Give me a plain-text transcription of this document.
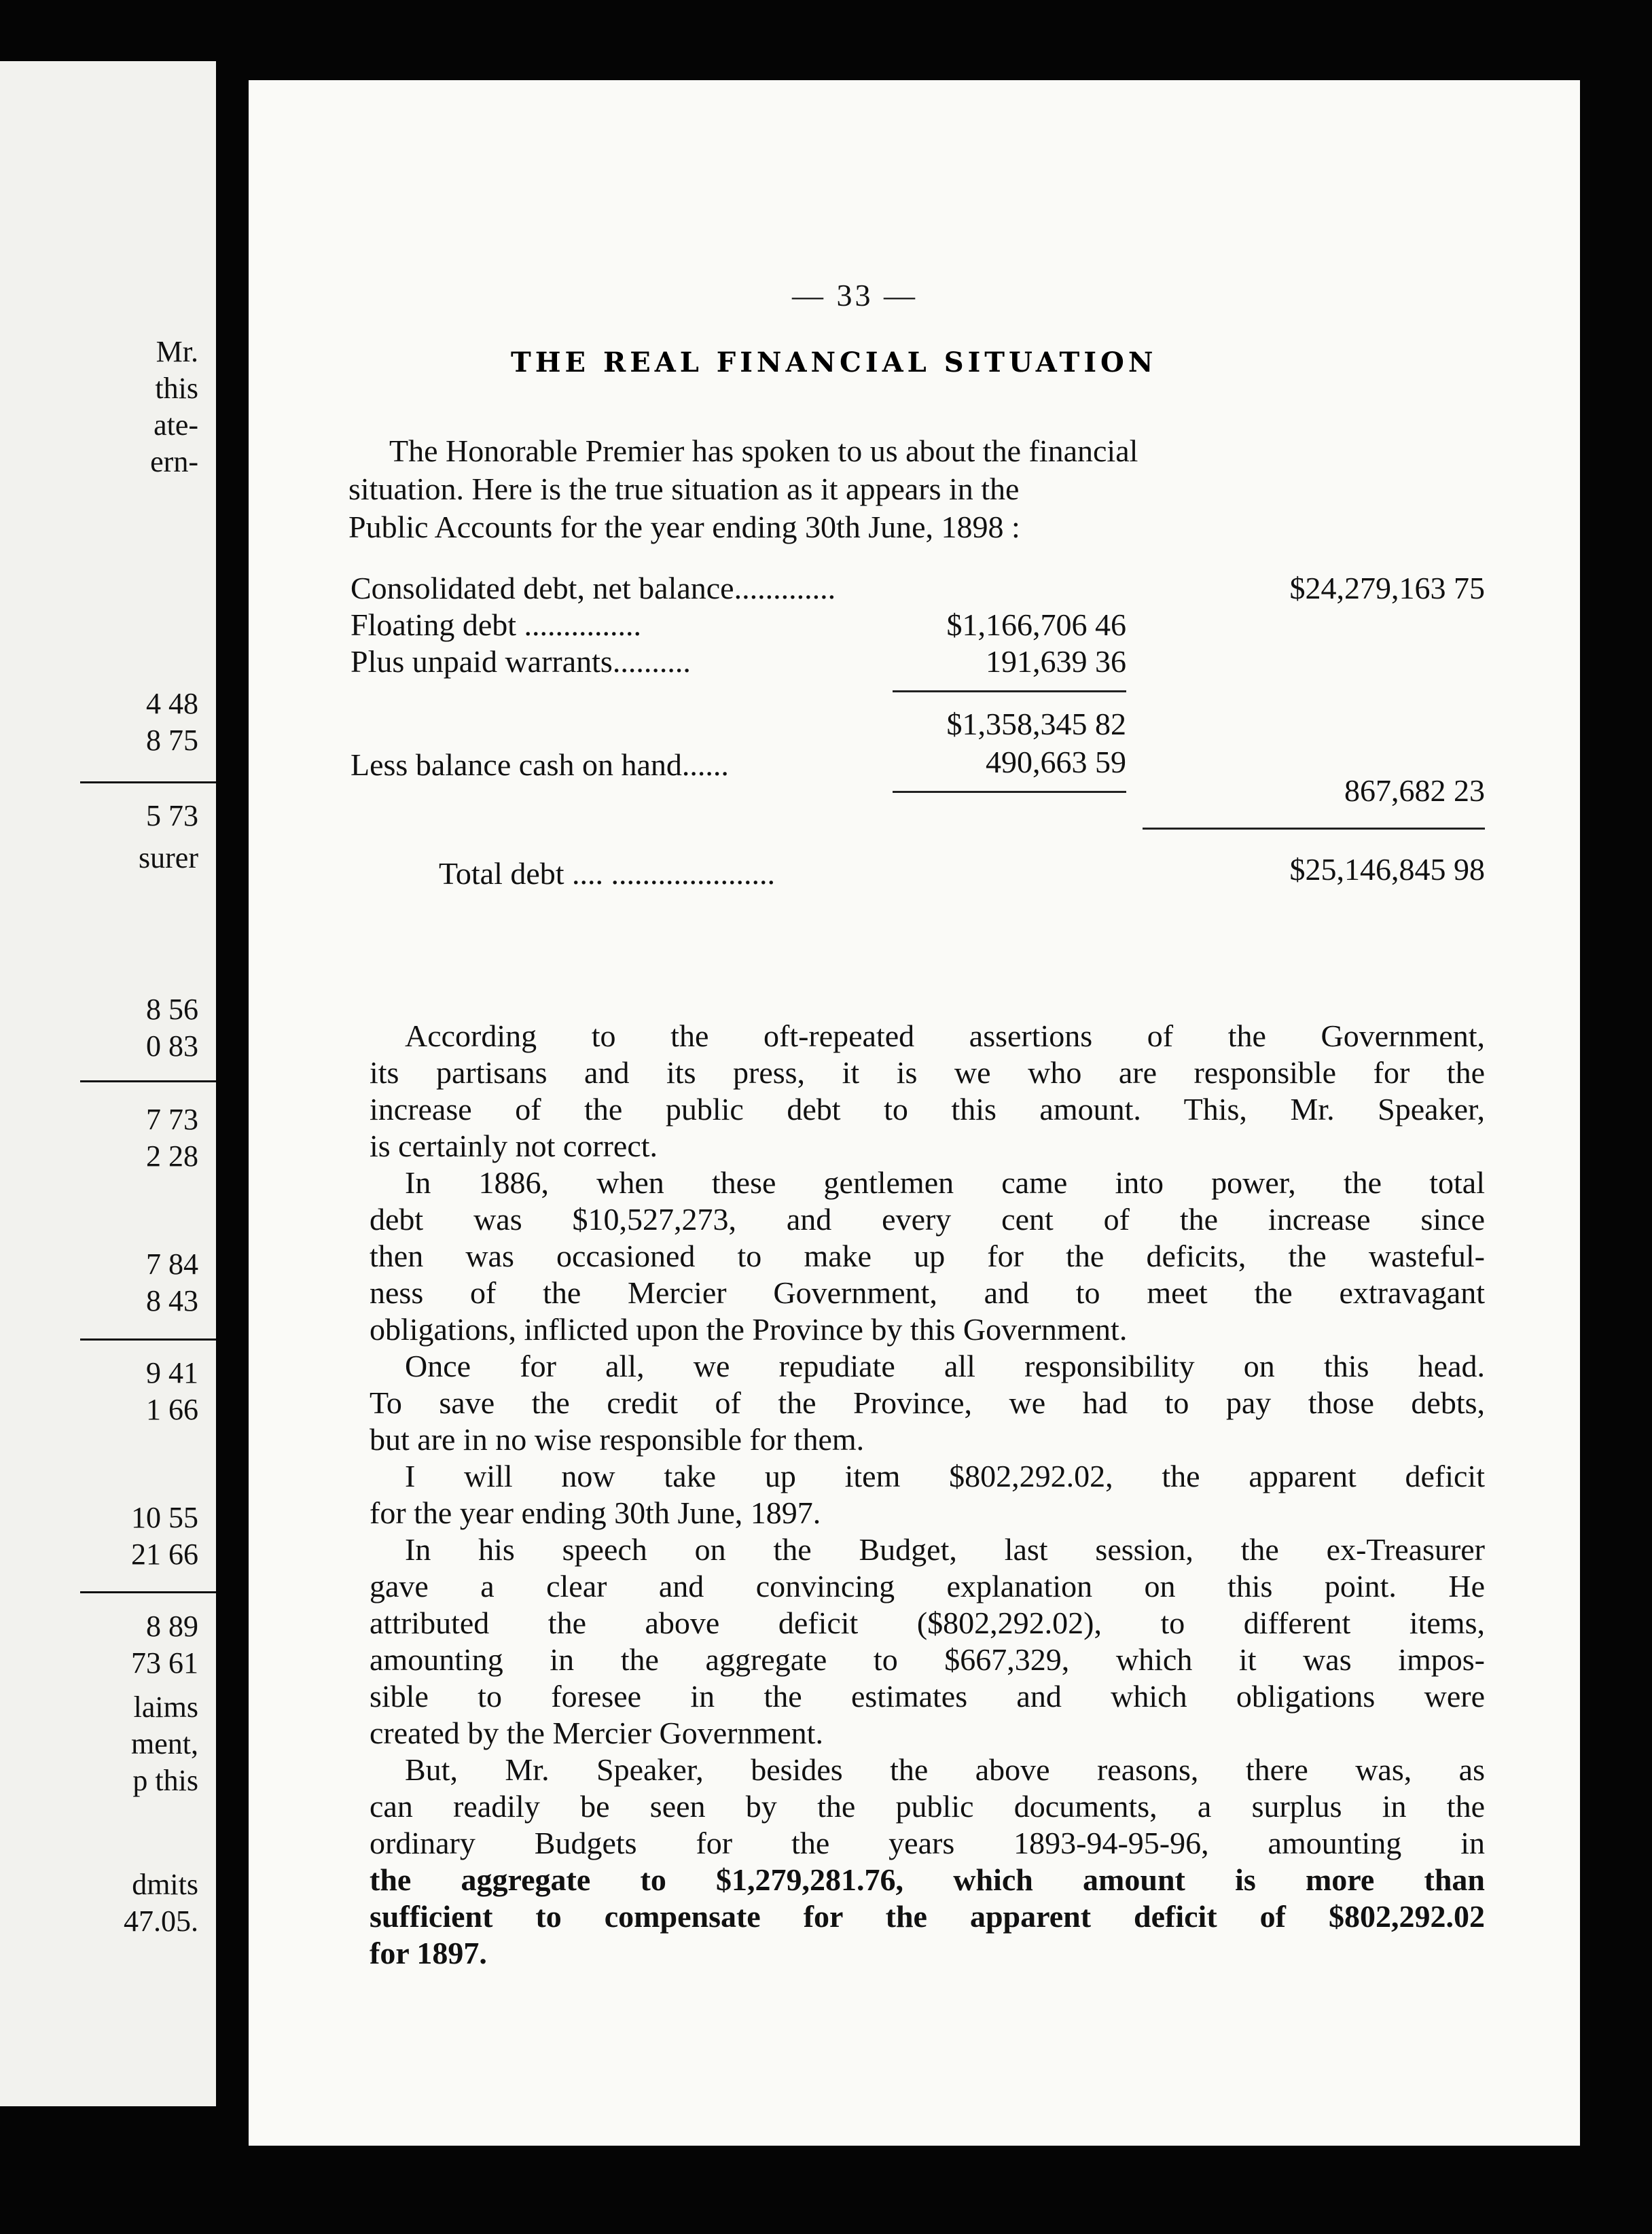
Mr.

this

ate-

ern-

4 48

8 75

5 73

surer

8 56

0 83

7 73

2 28

7 84

8 43

9 41

1 66

10 55

21 66

8 89

73 61

laims

ment,

p this

dmits

47.05.

— 33 —
THE REAL FINANCIAL SITUATION

The Honorable Premier has spoken to us about the financial
situation. Here is the true situation as it appears in the
Public Accounts for the year ending 30th June, 1898 :

Consolidated debt, net balance.............	$24,279,163 75

Floating debt ...............	$1,166,706 46

Plus unpaid warrants..........	191,639 36

$1,358,345 82

Less balance cash on hand......	490,663 59

867,682 23

Total debt .... .....................	$25,146,845 98

According to the oft-repeated assertions of the Government,
its partisans and its press, it is we who are responsible for the
increase of the public debt to this amount. This, Mr. Speaker,
is certainly not correct.
In 1886, when these gentlemen came into power, the total
debt was $10,527,273, and every cent of the increase since
then was occasioned to make up for the deficits, the wasteful-
ness of the Mercier Government, and to meet the extravagant
obligations, inflicted upon the Province by this Government.
Once for all, we repudiate all responsibility on this head.
To save the credit of the Province, we had to pay those debts,
but are in no wise responsible for them.
I will now take up item $802,292.02, the apparent deficit
for the year ending 30th June, 1897.
In his speech on the Budget, last session, the ex-Treasurer
gave a clear and convincing explanation on this point. He
attributed the above deficit ($802,292.02), to different items,
amounting in the aggregate to $667,329, which it was impos-
sible to foresee in the estimates and which obligations were
created by the Mercier Government.
But, Mr. Speaker, besides the above reasons, there was, as
can readily be seen by the public documents, a surplus in the
ordinary Budgets for the years 1893-94-95-96, amounting in
the aggregate to $1,279,281.76, which amount is more than
sufficient to compensate for the apparent deficit of $802,292.02
for 1897.
